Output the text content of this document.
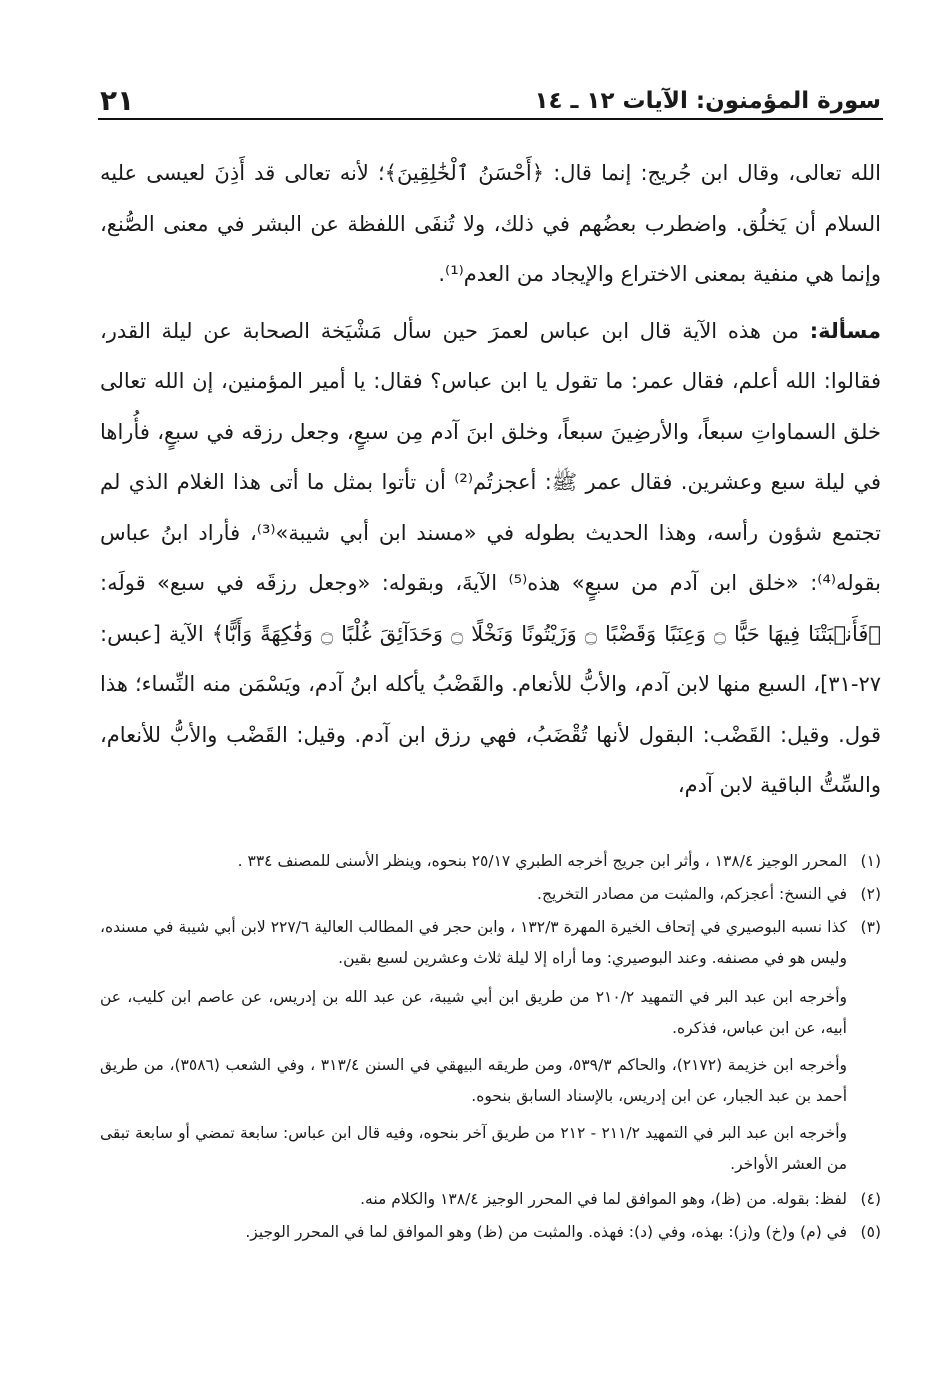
سورة المؤمنون: الآيات ١٢ ـ ١٤
٢١

الله تعالى، وقال ابن جُريج: إنما قال: ﴿أَحْسَنُ ٱلْخَٰلِقِينَ﴾؛ لأنه تعالى قد أَذِنَ لعيسى عليه السلام أن يَخلُق. واضطرب بعضُهم في ذلك، ولا تُنفَى اللفظة عن البشر في معنى الصُّنع، وإنما هي منفية بمعنى الاختراع والإيجاد من العدم⁽¹⁾.

مسألة: من هذه الآية قال ابن عباس لعمرَ حين سأل مَشْيَخة الصحابة عن ليلة القدر، فقالوا: الله أعلم، فقال عمر: ما تقول يا ابن عباس؟ فقال: يا أمير المؤمنين، إن الله تعالى خلق السماواتِ سبعاً، والأرضِينَ سبعاً، وخلق ابنَ آدم مِن سبعٍ، وجعل رزقه في سبعٍ، فأُراها في ليلة سبع وعشرين. فقال عمر ﷺ: أعجزتُم⁽²⁾ أن تأتوا بمثل ما أتى هذا الغلام الذي لم تجتمع شؤون رأسه، وهذا الحديث بطوله في «مسند ابن أبي شيبة»⁽³⁾، فأراد ابنُ عباس بقوله⁽⁴⁾: «خلق ابن آدم من سبعٍ» هذه⁽⁵⁾ الآيةَ، وبقوله: «وجعل رزقَه في سبع» قولَه: ﴿فَأَنۢبَتْنَا فِيهَا حَبًّا ۝ وَعِنَبًا وَقَضْبًا ۝ وَزَيْتُونًا وَنَخْلًا ۝ وَحَدَآئِقَ غُلْبًا ۝ وَفَٰكِهَةً وَأَبًّا﴾ الآية [عبس: ٢٧-٣١]، السبع منها لابن آدم، والأبُّ للأنعام. والقَضْبُ يأكله ابنُ آدم، ويَسْمَن منه النِّساء؛ هذا قول. وقيل: القَضْب: البقول لأنها تُقْضَبُ، فهي رزق ابن آدم. وقيل: القَضْب والأبُّ للأنعام، والسِّتُّ الباقية لابن آدم،

(١)
المحرر الوجيز ١٣٨/٤ ، وأثر ابن جريج أخرجه الطبري ٢٥/١٧ بنحوه، وينظر الأسنى للمصنف ٣٣٤ .
(٢)
في النسخ: أعجزكم، والمثبت من مصادر التخريج.
(٣)
كذا نسبه البوصيري في إتحاف الخيرة المهرة ١٣٢/٣ ، وابن حجر في المطالب العالية ٢٢٧/٦ لابن أبي شيبة في مسنده، وليس هو في مصنفه. وعند البوصيري: وما أراه إلا ليلة ثلاث وعشرين لسبع بقين.

وأخرجه ابن عبد البر في التمهيد ٢١٠/٢ من طريق ابن أبي شيبة، عن عبد الله بن إدريس، عن عاصم ابن كليب، عن أبيه، عن ابن عباس، فذكره.

وأخرجه ابن خزيمة (٢١٧٢)، والحاكم ٥٣٩/٣، ومن طريقه البيهقي في السنن ٣١٣/٤ ، وفي الشعب (٣٥٨٦)، من طريق أحمد بن عبد الجبار، عن ابن إدريس، بالإسناد السابق بنحوه.

وأخرجه ابن عبد البر في التمهيد ٢١١/٢ - ٢١٢ من طريق آخر بنحوه، وفيه قال ابن عباس: سابعة تمضي أو سابعة تبقى من العشر الأواخر.

(٤)
لفظ: بقوله. من (ظ)، وهو الموافق لما في المحرر الوجيز ١٣٨/٤ والكلام منه.
(٥)
في (م) و(خ) و(ز): بهذه، وفي (د): فهذه. والمثبت من (ظ) وهو الموافق لما في المحرر الوجيز.
